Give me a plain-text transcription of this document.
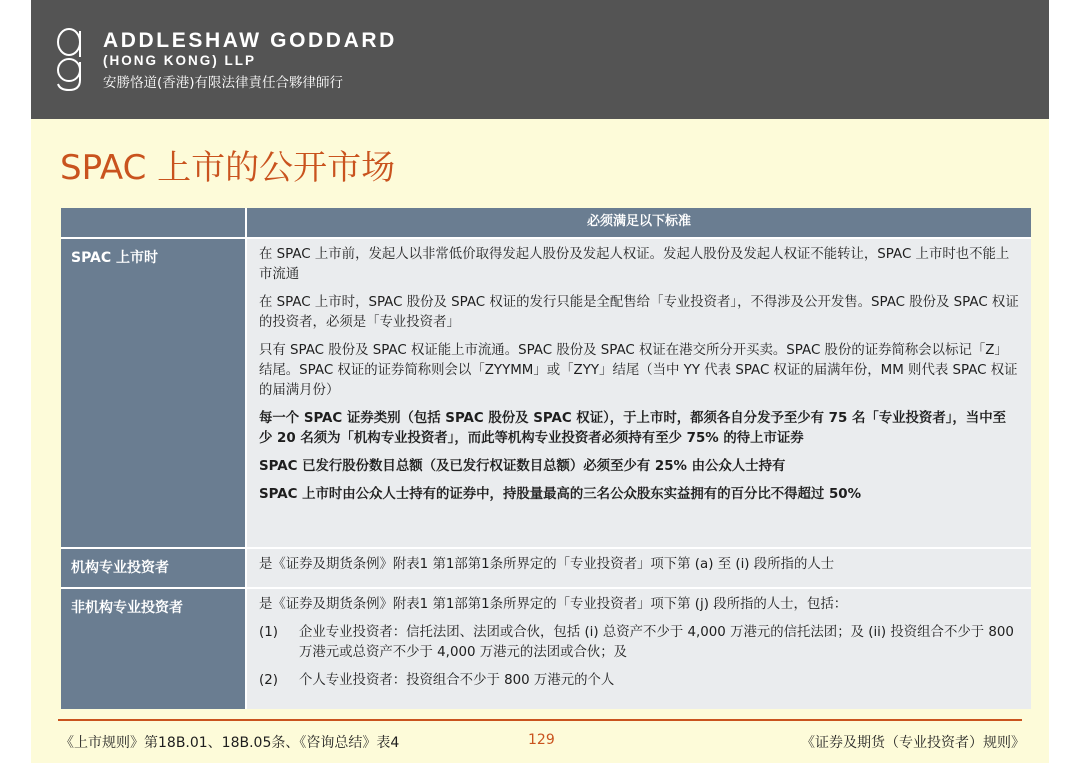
ADDLESHAW GODDARD
(HONG KONG) LLP
安勝恪道(香港)有限法律責任合夥律師行
SPAC 上市的公开市场
必须满足以下标准
SPAC 上市时	在 SPAC 上市前，发起人以非常低价取得发起人股份及发起人权证。发起人股份及发起人权证不能转让，SPAC 上市时也不能上市流通

在 SPAC 上市时，SPAC 股份及 SPAC 权证的发行只能是全配售给「专业投资者」，不得涉及公开发售。SPAC 股份及 SPAC 权证的投资者，必须是「专业投资者」

只有 SPAC 股份及 SPAC 权证能上市流通。SPAC 股份及 SPAC 权证在港交所分开买卖。SPAC 股份的证券简称会以标记「Z」结尾。SPAC 权证的证券简称则会以「ZYYMM」或「ZYY」结尾（当中 YY 代表 SPAC 权证的届满年份，MM 则代表 SPAC 权证的届满月份）

每一个 SPAC 证券类别（包括 SPAC 股份及 SPAC 权证），于上市时，都须各自分发予至少有 75 名「专业投资者」，当中至少 20 名须为「机构专业投资者」，而此等机构专业投资者必须持有至少 75% 的待上市证券

SPAC 已发行股份数目总额（及已发行权证数目总额）必须至少有 25% 由公众人士持有

SPAC 上市时由公众人士持有的证券中，持股量最高的三名公众股东实益拥有的百分比不得超过 50%

机构专业投资者	是《证券及期货条例》附表1 第1部第1条所界定的「专业投资者」项下第 (a) 至 (i) 段所指的人士

非机构专业投资者	是《证券及期货条例》附表1 第1部第1条所界定的「专业投资者」项下第 (j) 段所指的人士，包括：

(1)	企业专业投资者：信托法团、法团或合伙，包括 (i) 总资产不少于 4,000 万港元的信托法团；及 (ii) 投资组合不少于 800 万港元或总资产不少于 4,000 万港元的法团或合伙；及
(2)	个人专业投资者：投资组合不少于 800 万港元的个人
《上市规则》第18B.01、18B.05条、《咨询总结》表4	129	《证券及期货（专业投资者）规则》
